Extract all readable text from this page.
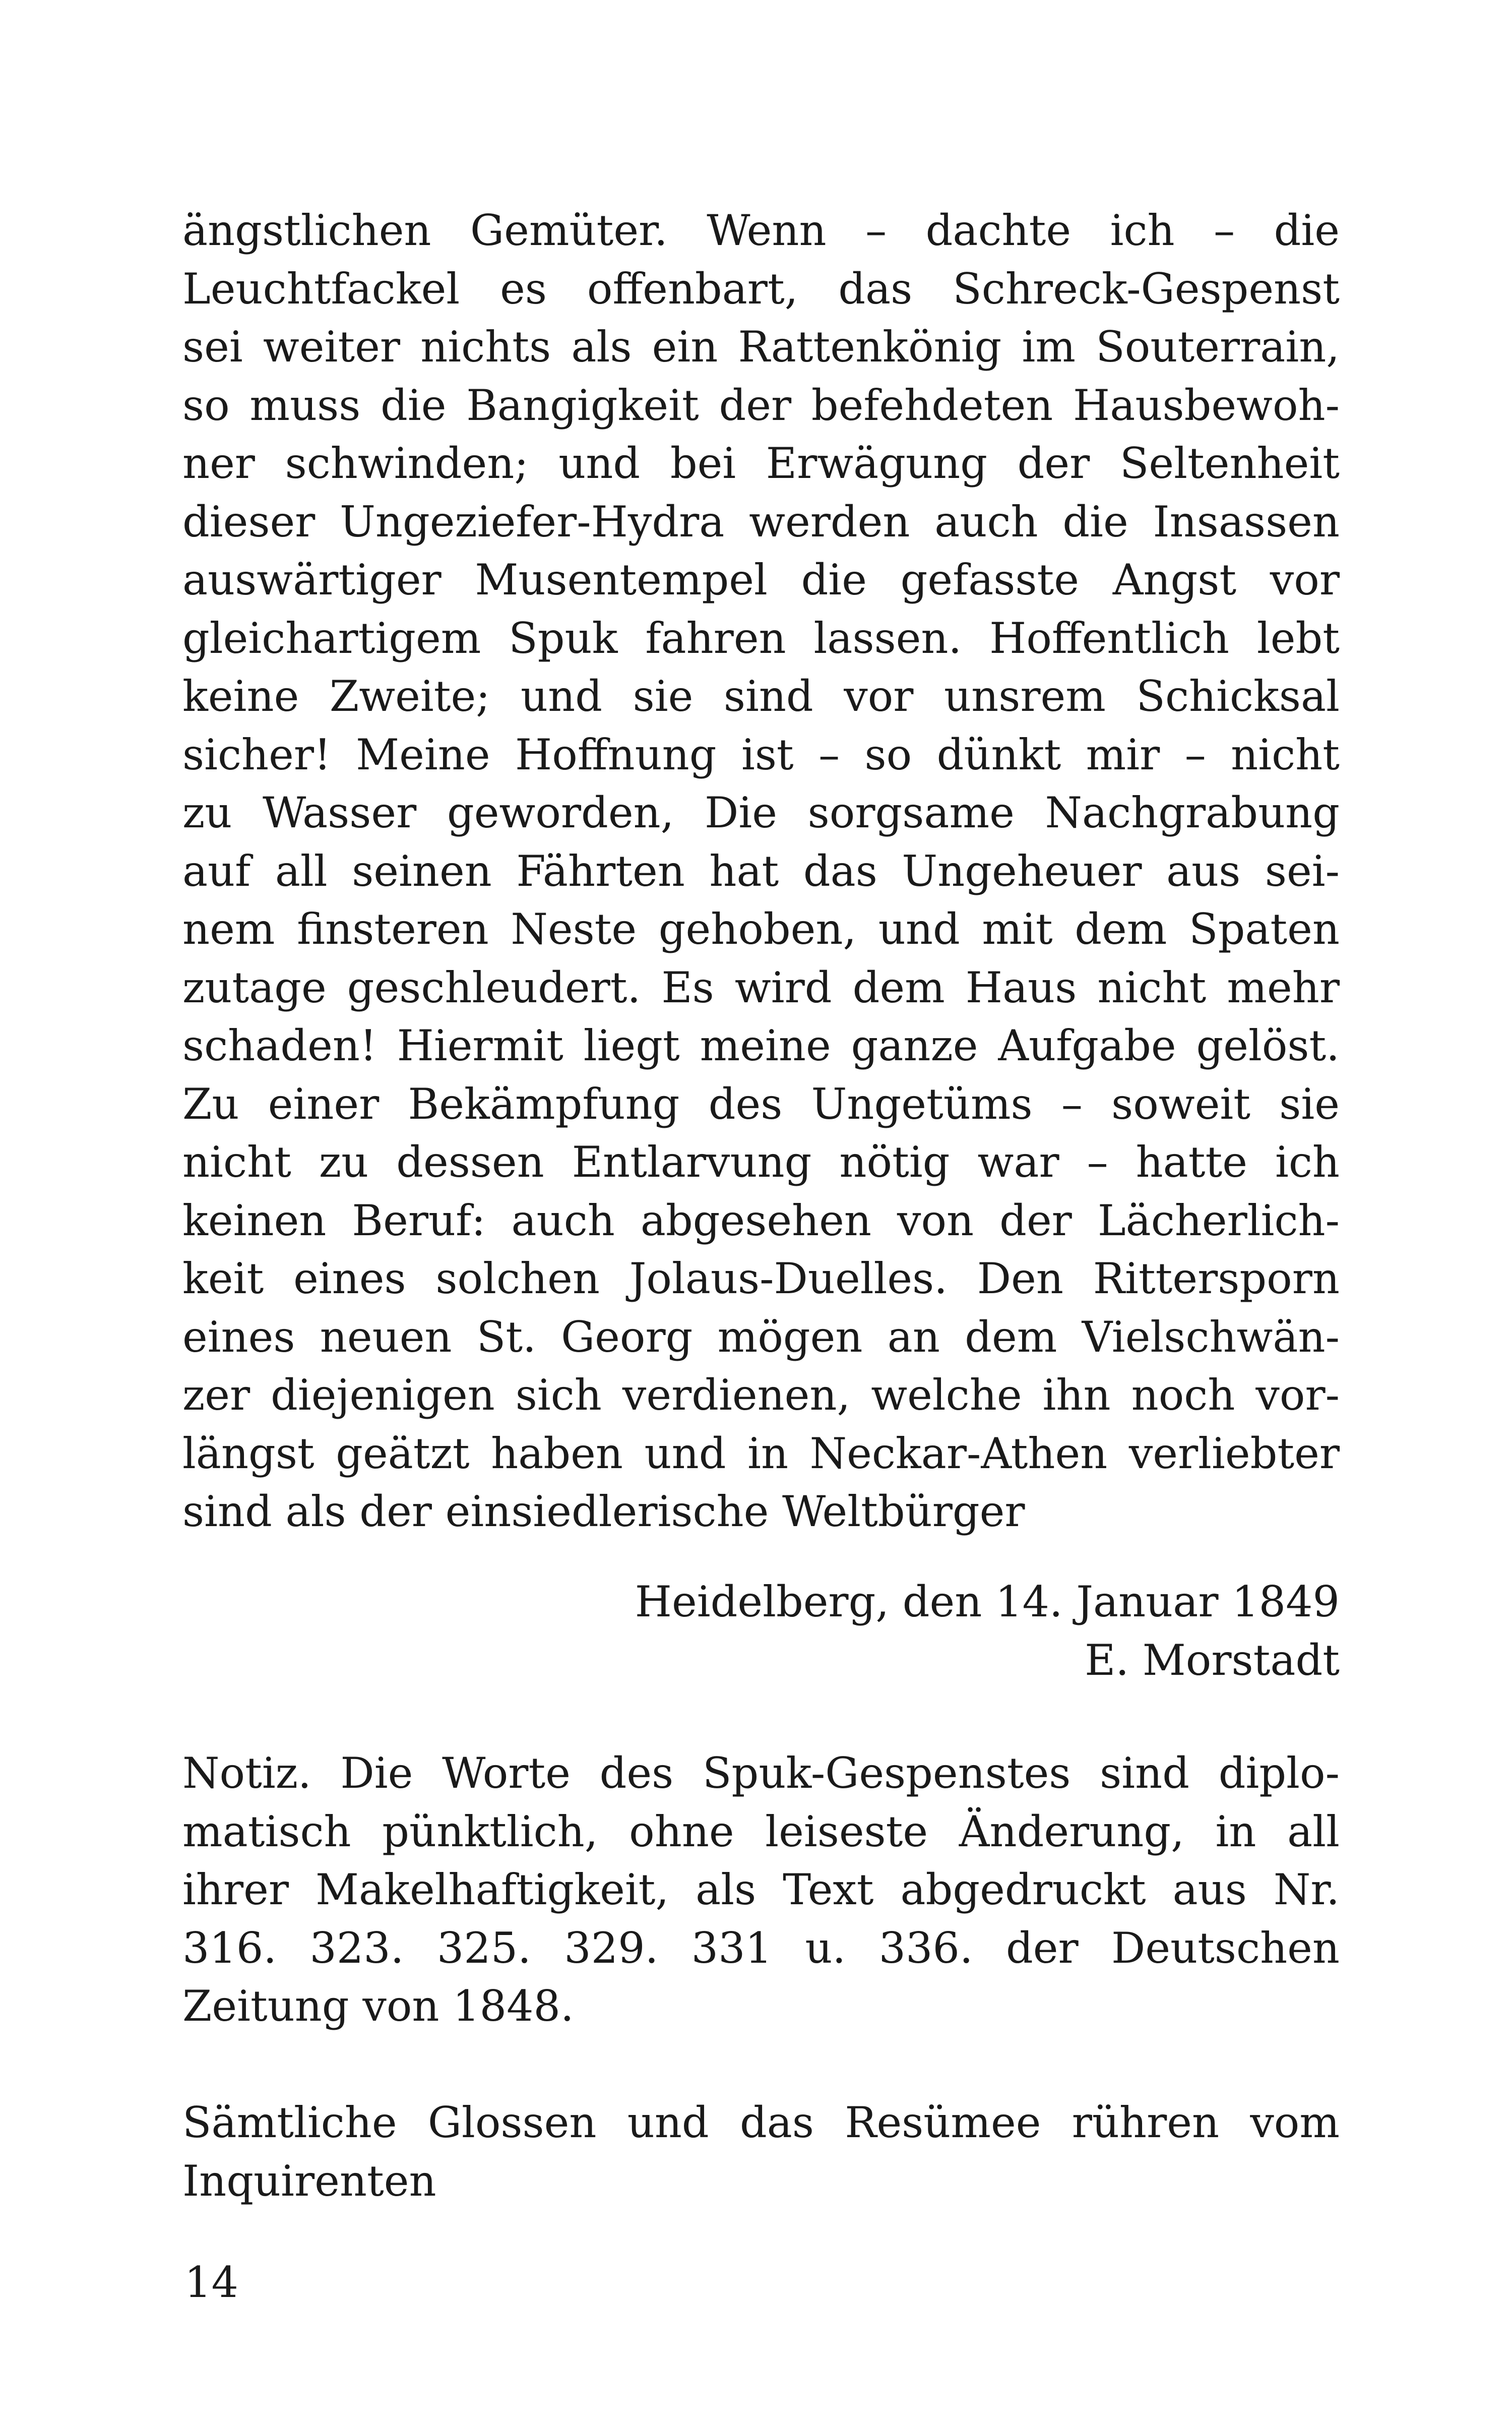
ängstlichen Gemüter. Wenn – dachte ich – die
Leuchtfackel es offenbart, das Schreck-Gespenst
sei weiter nichts als ein Rattenkönig im Souterrain,
so muss die Bangigkeit der befehdeten Hausbewoh-
ner schwinden; und bei Erwägung der Seltenheit
dieser Ungeziefer-Hydra werden auch die Insassen
auswärtiger Musentempel die gefasste Angst vor
gleichartigem Spuk fahren lassen. Hoffentlich lebt
keine Zweite; und sie sind vor unsrem Schicksal
sicher! Meine Hoffnung ist – so dünkt mir – nicht
zu Wasser geworden, Die sorgsame Nachgrabung
auf all seinen Fährten hat das Ungeheuer aus sei-
nem finsteren Neste gehoben, und mit dem Spaten
zutage geschleudert. Es wird dem Haus nicht mehr
schaden! Hiermit liegt meine ganze Aufgabe gelöst.
Zu einer Bekämpfung des Ungetüms – soweit sie
nicht zu dessen Entlarvung nötig war – hatte ich
keinen Beruf: auch abgesehen von der Lächerlich-
keit eines solchen Jolaus-Duelles. Den Rittersporn
eines neuen St. Georg mögen an dem Vielschwän-
zer diejenigen sich verdienen, welche ihn noch vor-
längst geätzt haben und in Neckar-Athen verliebter
sind als der einsiedlerische Weltbürger
Heidelberg, den 14. Januar 1849
E. Morstadt
Notiz. Die Worte des Spuk-Gespenstes sind diplo-
matisch pünktlich, ohne leiseste Änderung, in all
ihrer Makelhaftigkeit, als Text abgedruckt aus Nr.
316. 323. 325. 329. 331 u. 336. der Deutschen
Zeitung von 1848.
Sämtliche Glossen und das Resümee rühren vom
Inquirenten
14
